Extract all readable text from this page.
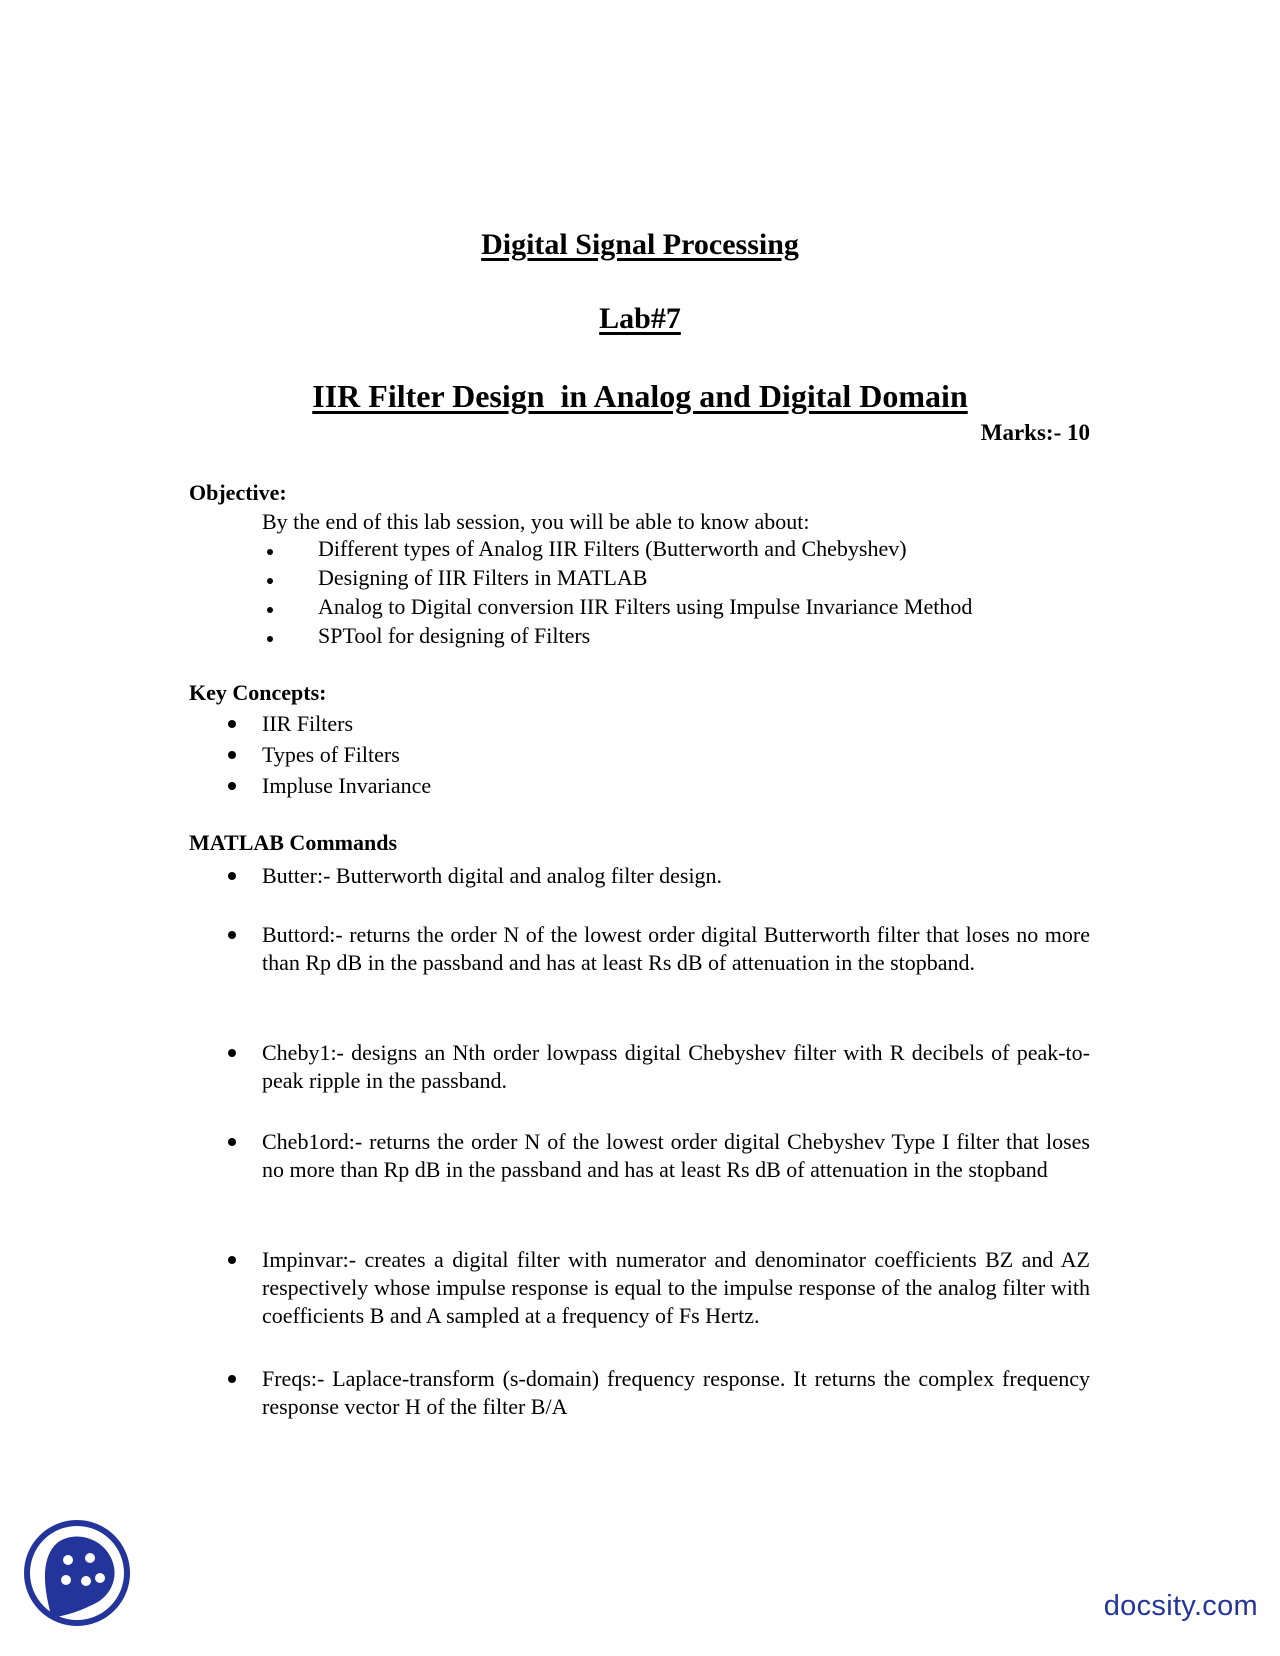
Digital Signal Processing
Lab#7
IIR Filter Design  in Analog and Digital Domain
Marks:- 10
Objective:
By the end of this lab session, you will be able to know about:
Different types of Analog IIR Filters (Butterworth and Chebyshev)
Designing of IIR Filters in MATLAB
Analog to Digital conversion IIR Filters using Impulse Invariance Method
SPTool for designing of Filters
Key Concepts:
IIR Filters
Types of Filters
Impluse Invariance
MATLAB Commands
Butter:- Butterworth digital and analog filter design.
Buttord:- returns the order N of the lowest order digital Butterworth filter that loses no more than Rp dB in the passband and has at least Rs dB of attenuation in the stopband.
Cheby1:- designs an Nth order lowpass digital Chebyshev filter with R decibels of peak-to-peak ripple in the passband.
Cheb1ord:- returns the order N of the lowest order digital Chebyshev Type I filter that loses no more than Rp dB in the passband and has at least Rs dB of attenuation in the stopband
Impinvar:- creates a digital filter with numerator and denominator coefficients BZ and AZ respectively whose impulse response is equal to the impulse response of the analog filter with coefficients B and A sampled at a frequency of Fs Hertz.
Freqs:- Laplace-transform (s-domain) frequency response. It returns the complex frequency response vector H of the filter B/A
docsity.com
